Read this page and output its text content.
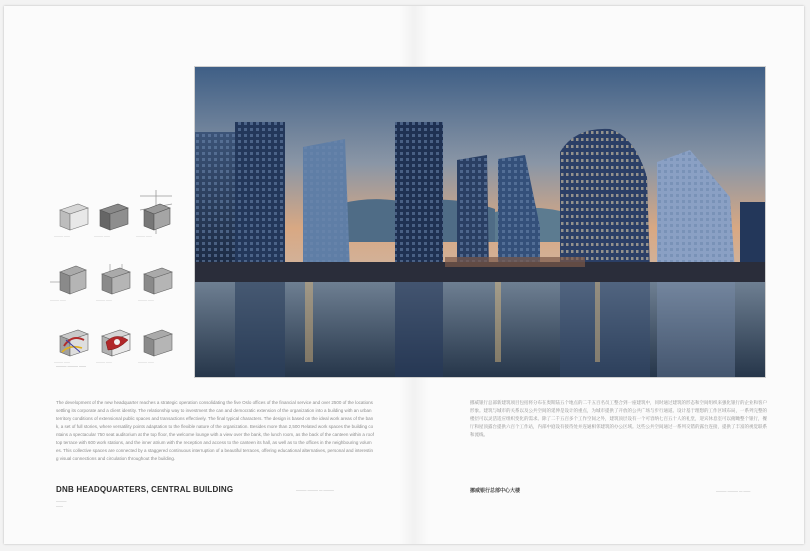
——— ——	——— ——	——— ——
——— ——	——— ——	——— ——
——— ——	——— ——	——— ——
——— ——— ——
The development of the new headquarter reaches a strategic operation consolidating the five Oslo offices of the financial service and over 2500 of the locations settling its corporate and a client identity. The relationship way to investment the can and democratic extension of the organization into a building with an urban territory conditions of extensional public spaces and transactions effectively. The final typical characters. The design is based on the ideal work areas of the bank, a set of full stories, where versatility points adaptation to the flexible nature of the organization. Besides more than 2,500 Related work spaces the building contains a spectacular 750 seat auditorium at the top floor, the welcome lounge with a view over the bank, the lunch room, as the back of the canteen within a rooftop terrace with 600 work stations, and the inner atrium with the reception and access to the canteen its hall, as well as to the offices in the neighbouring volumes. This collective spaces are connected by a staggered continuous interruption of a beautiful terraces, offering educational alternatives, personal and interesting visual connections and circulation throughout the building.
挪威银行总部新建筑项目包括将分布在奥斯陆五个地点的二千五百名员工整合到一座建筑中，同时通过建筑的形态和空间组织来强化银行的企业和客户形象。建筑与城市的关系以及公共空间的延伸是设计的重点，为城市提供了开放的公共广场与步行通道。设计基于理想的工作区域布局，一系列完整的楼层可以灵活适应组织变化的需求。除了二千五百多个工作空间之外，建筑顶层设有一个可容纳七百五十人的礼堂，迎宾休息室可以俯瞰整个银行，餐厅和屋顶露台提供六百个工作站，内部中庭设有接待处并连通相邻建筑的办公区域。这些公共空间通过一系列交错的露台连接，提供了丰富的视觉联系和流线。
DNB HEADQUARTERS, CENTRAL BUILDING	——— ——— — ———
———
——
挪威银行总部中心大楼	——— ——— — ——
